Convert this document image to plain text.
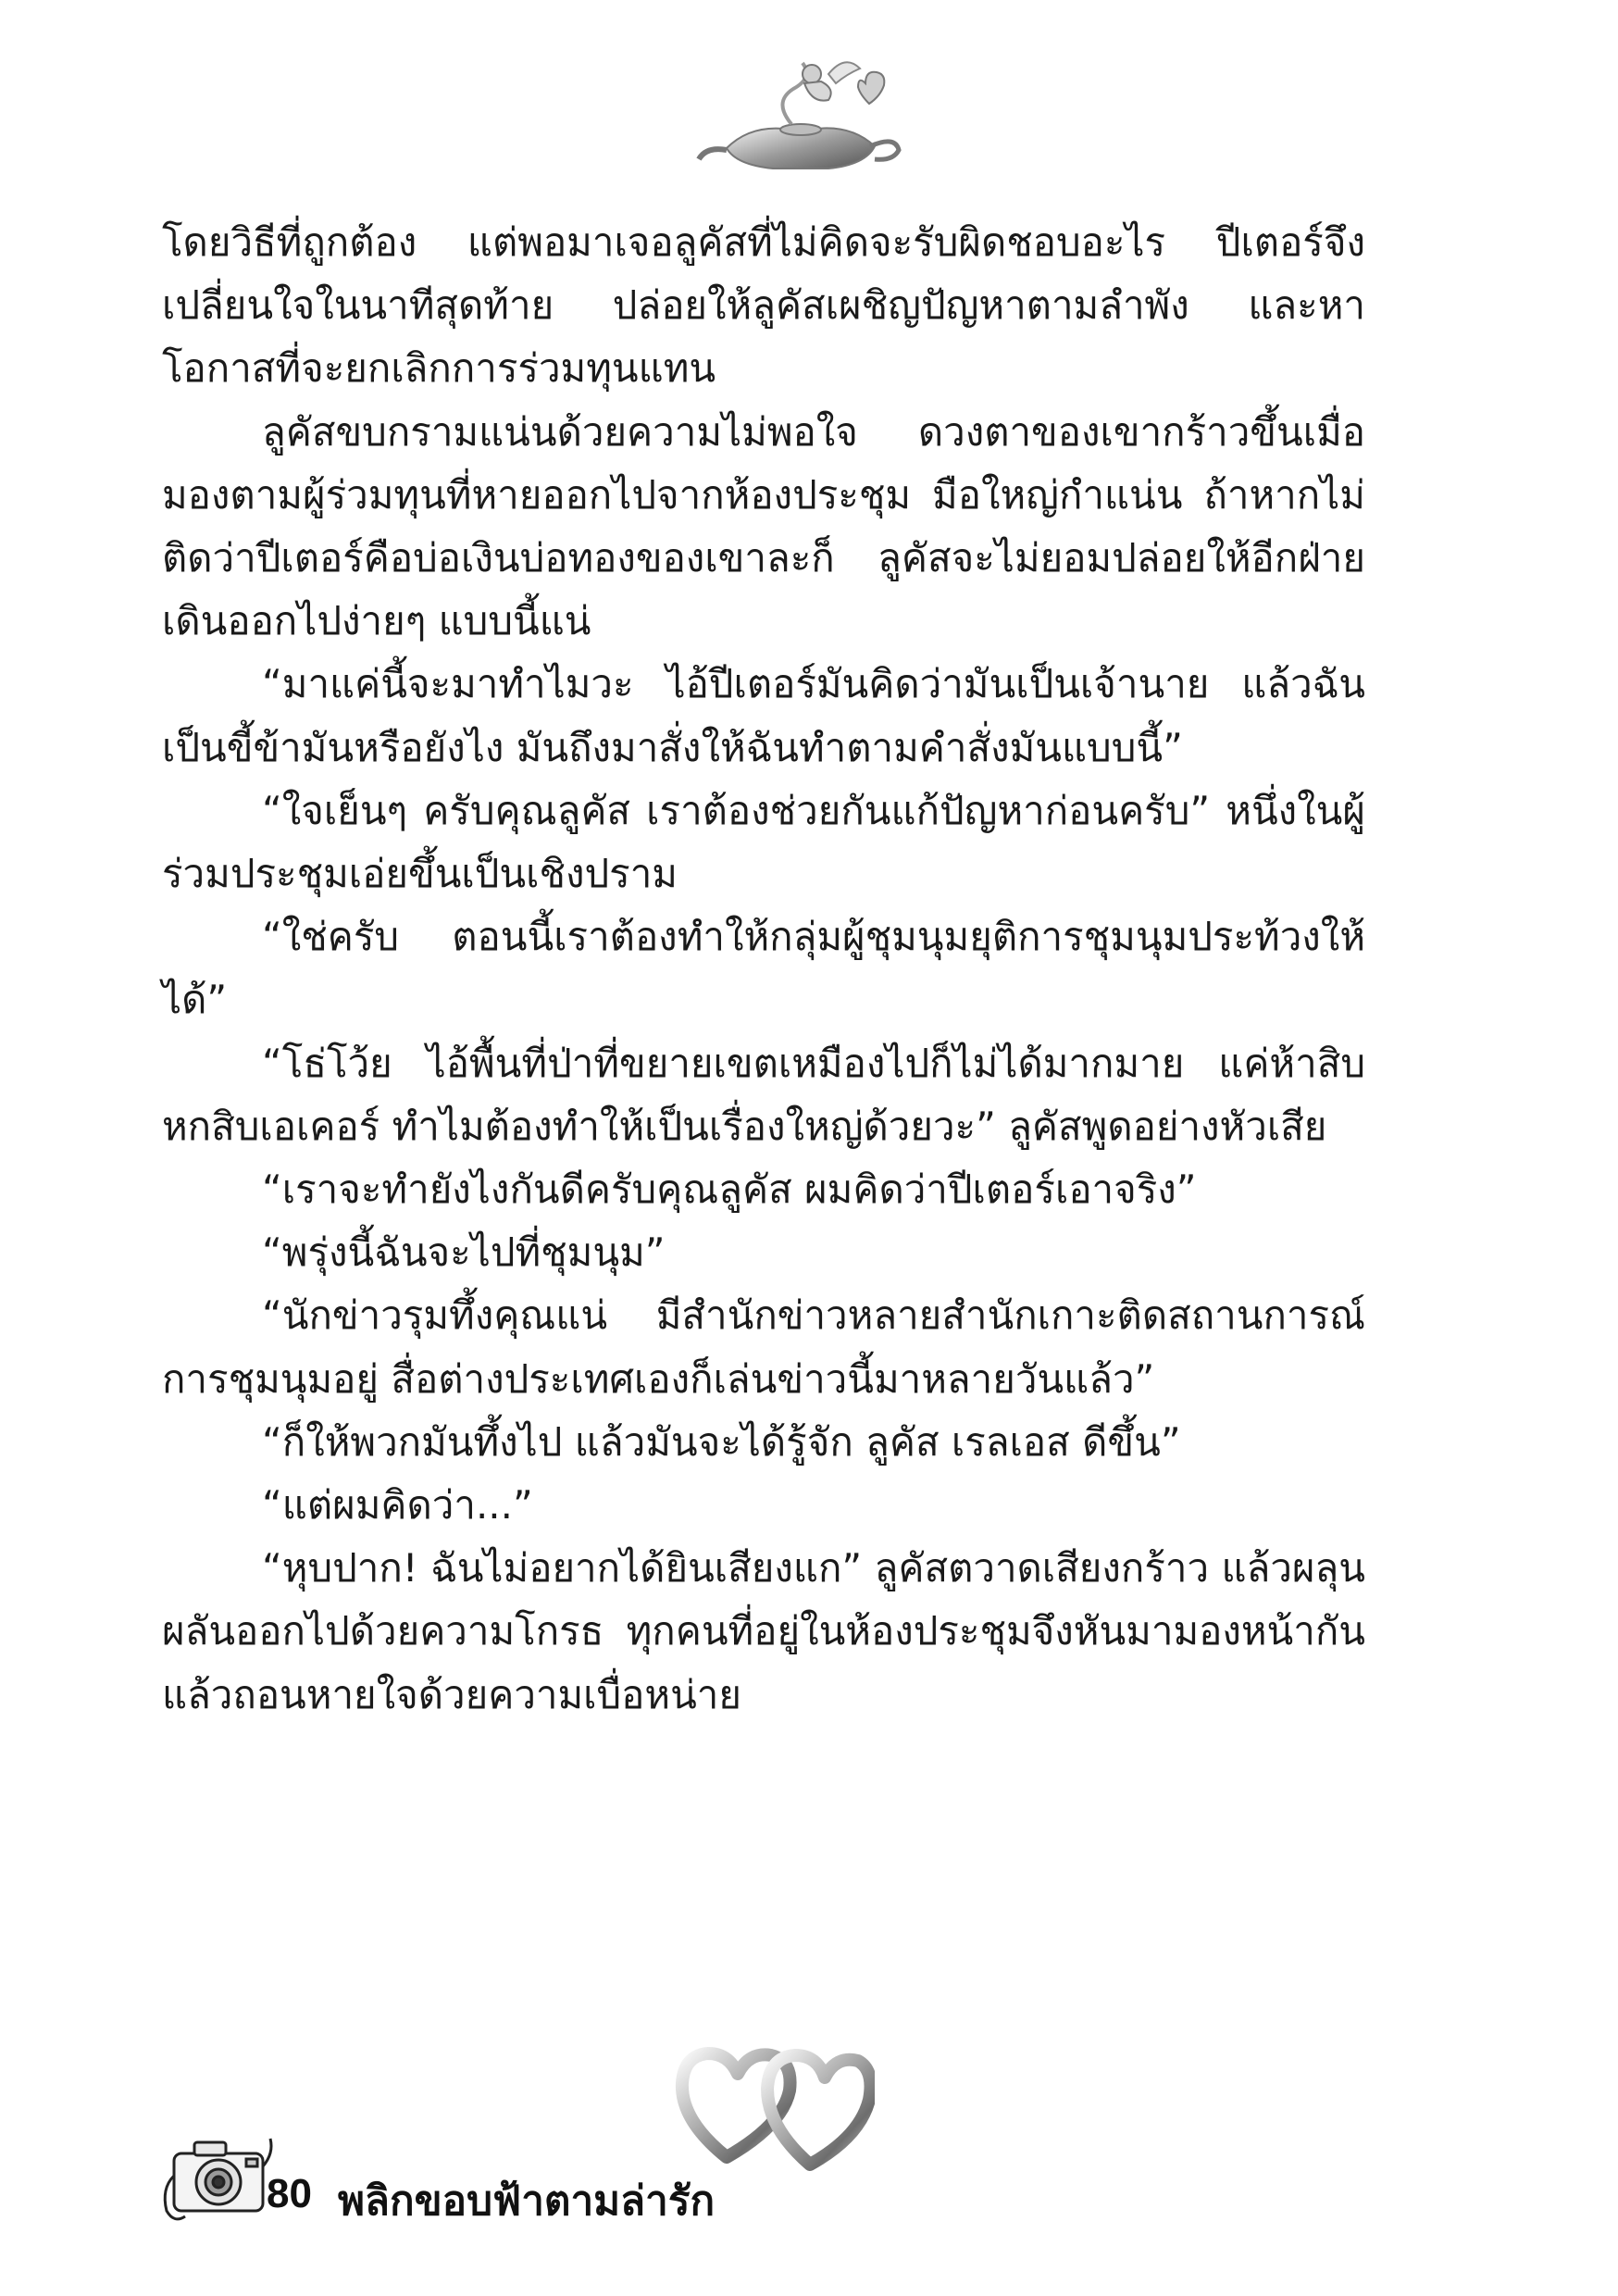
โดยวิธีที่ถูกต้อง แต่พอมาเจอลูคัสที่ไม่คิดจะรับผิดชอบอะไร ปีเตอร์จึงเปลี่ยนใจในนาทีสุดท้าย ปล่อยให้ลูคัสเผชิญปัญหาตามลำพัง และหาโอกาสที่จะยกเลิกการร่วมทุนแทน

ลูคัสขบกรามแน่นด้วยความไม่พอใจ ดวงตาของเขากร้าวขึ้นเมื่อมองตามผู้ร่วมทุนที่หายออกไปจากห้องประชุม มือใหญ่กำแน่น ถ้าหากไม่ติดว่าปีเตอร์คือบ่อเงินบ่อทองของเขาละก็ ลูคัสจะไม่ยอมปล่อยให้อีกฝ่ายเดินออกไปง่ายๆ แบบนี้แน่

“มาแค่นี้จะมาทำไมวะ ไอ้ปีเตอร์มันคิดว่ามันเป็นเจ้านาย แล้วฉันเป็นขี้ข้ามันหรือยังไง มันถึงมาสั่งให้ฉันทำตามคำสั่งมันแบบนี้”

“ใจเย็นๆ ครับคุณลูคัส เราต้องช่วยกันแก้ปัญหาก่อนครับ” หนึ่งในผู้ร่วมประชุมเอ่ยขึ้นเป็นเชิงปราม

“ใช่ครับ ตอนนี้เราต้องทำให้กลุ่มผู้ชุมนุมยุติการชุมนุมประท้วงให้ได้”

“โธ่โว้ย ไอ้พื้นที่ป่าที่ขยายเขตเหมืองไปก็ไม่ได้มากมาย แค่ห้าสิบหกสิบเอเคอร์ ทำไมต้องทำให้เป็นเรื่องใหญ่ด้วยวะ” ลูคัสพูดอย่างหัวเสีย

“เราจะทำยังไงกันดีครับคุณลูคัส ผมคิดว่าปีเตอร์เอาจริง”

“พรุ่งนี้ฉันจะไปที่ชุมนุม”

“นักข่าวรุมทึ้งคุณแน่ มีสำนักข่าวหลายสำนักเกาะติดสถานการณ์การชุมนุมอยู่ สื่อต่างประเทศเองก็เล่นข่าวนี้มาหลายวันแล้ว”

“ก็ให้พวกมันทึ้งไป แล้วมันจะได้รู้จัก ลูคัส เรลเอส ดีขึ้น”

“แต่ผมคิดว่า...”

“หุบปาก! ฉันไม่อยากได้ยินเสียงแก” ลูคัสตวาดเสียงกร้าว แล้วผลุนผลันออกไปด้วยความโกรธ ทุกคนที่อยู่ในห้องประชุมจึงหันมามองหน้ากัน แล้วถอนหายใจด้วยความเบื่อหน่าย

80 พลิกขอบฟ้าตามล่ารัก
